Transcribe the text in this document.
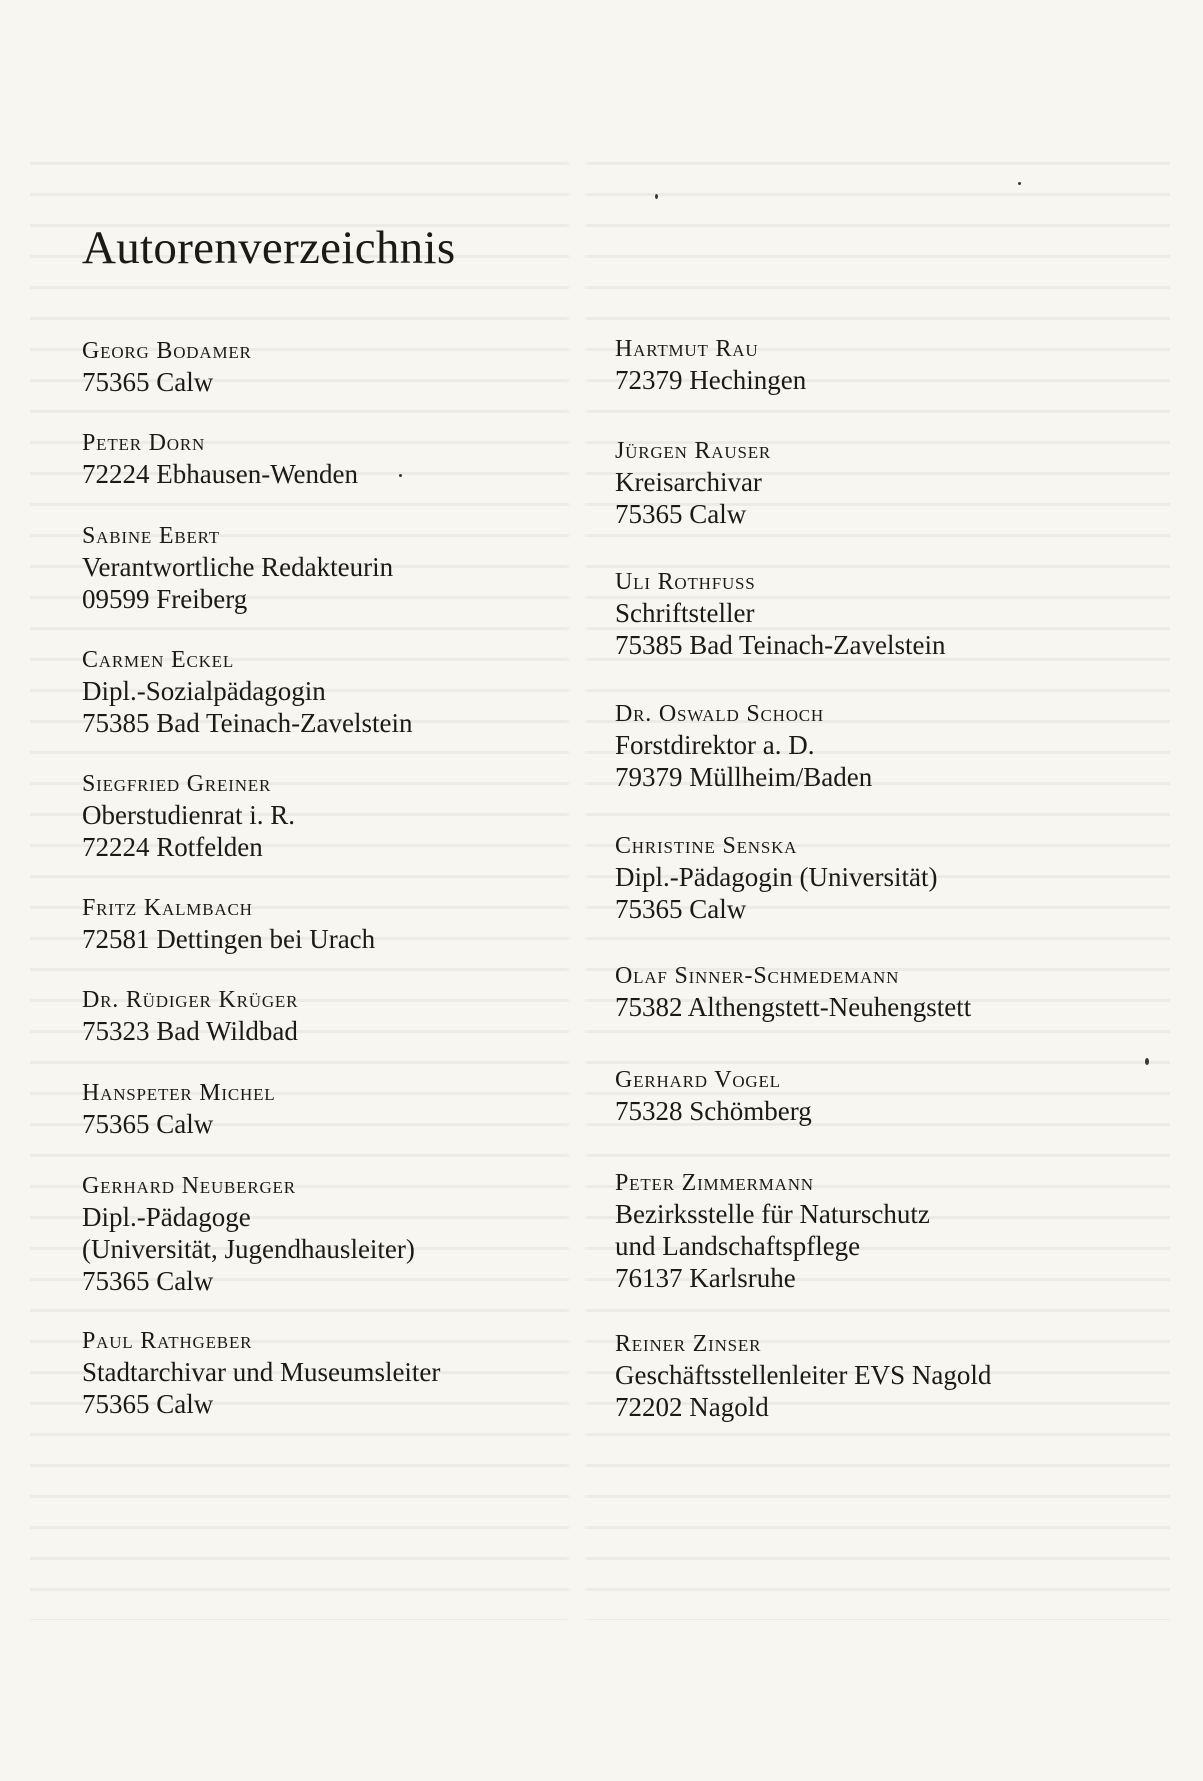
Autorenverzeichnis
Georg Bodamer
75365 Calw
Peter Dorn
72224 Ebhausen-Wenden
Sabine Ebert
Verantwortliche Redakteurin
09599 Freiberg
Carmen Eckel
Dipl.-Sozialpädagogin
75385 Bad Teinach-Zavelstein
Siegfried Greiner
Oberstudienrat i. R.
72224 Rotfelden
Fritz Kalmbach
72581 Dettingen bei Urach
Dr. Rüdiger Krüger
75323 Bad Wildbad
Hanspeter Michel
75365 Calw
Gerhard Neuberger
Dipl.-Pädagoge
(Universität, Jugendhausleiter)
75365 Calw
Paul Rathgeber
Stadtarchivar und Museumsleiter
75365 Calw
Hartmut Rau
72379 Hechingen
Jürgen Rauser
Kreisarchivar
75365 Calw
Uli Rothfuss
Schriftsteller
75385 Bad Teinach-Zavelstein
Dr. Oswald Schoch
Forstdirektor a. D.
79379 Müllheim/Baden
Christine Senska
Dipl.-Pädagogin (Universität)
75365 Calw
Olaf Sinner-Schmedemann
75382 Althengstett-Neuhengstett
Gerhard Vogel
75328 Schömberg
Peter Zimmermann
Bezirksstelle für Naturschutz
und Landschaftspflege
76137 Karlsruhe
Reiner Zinser
Geschäftsstellenleiter EVS Nagold
72202 Nagold
